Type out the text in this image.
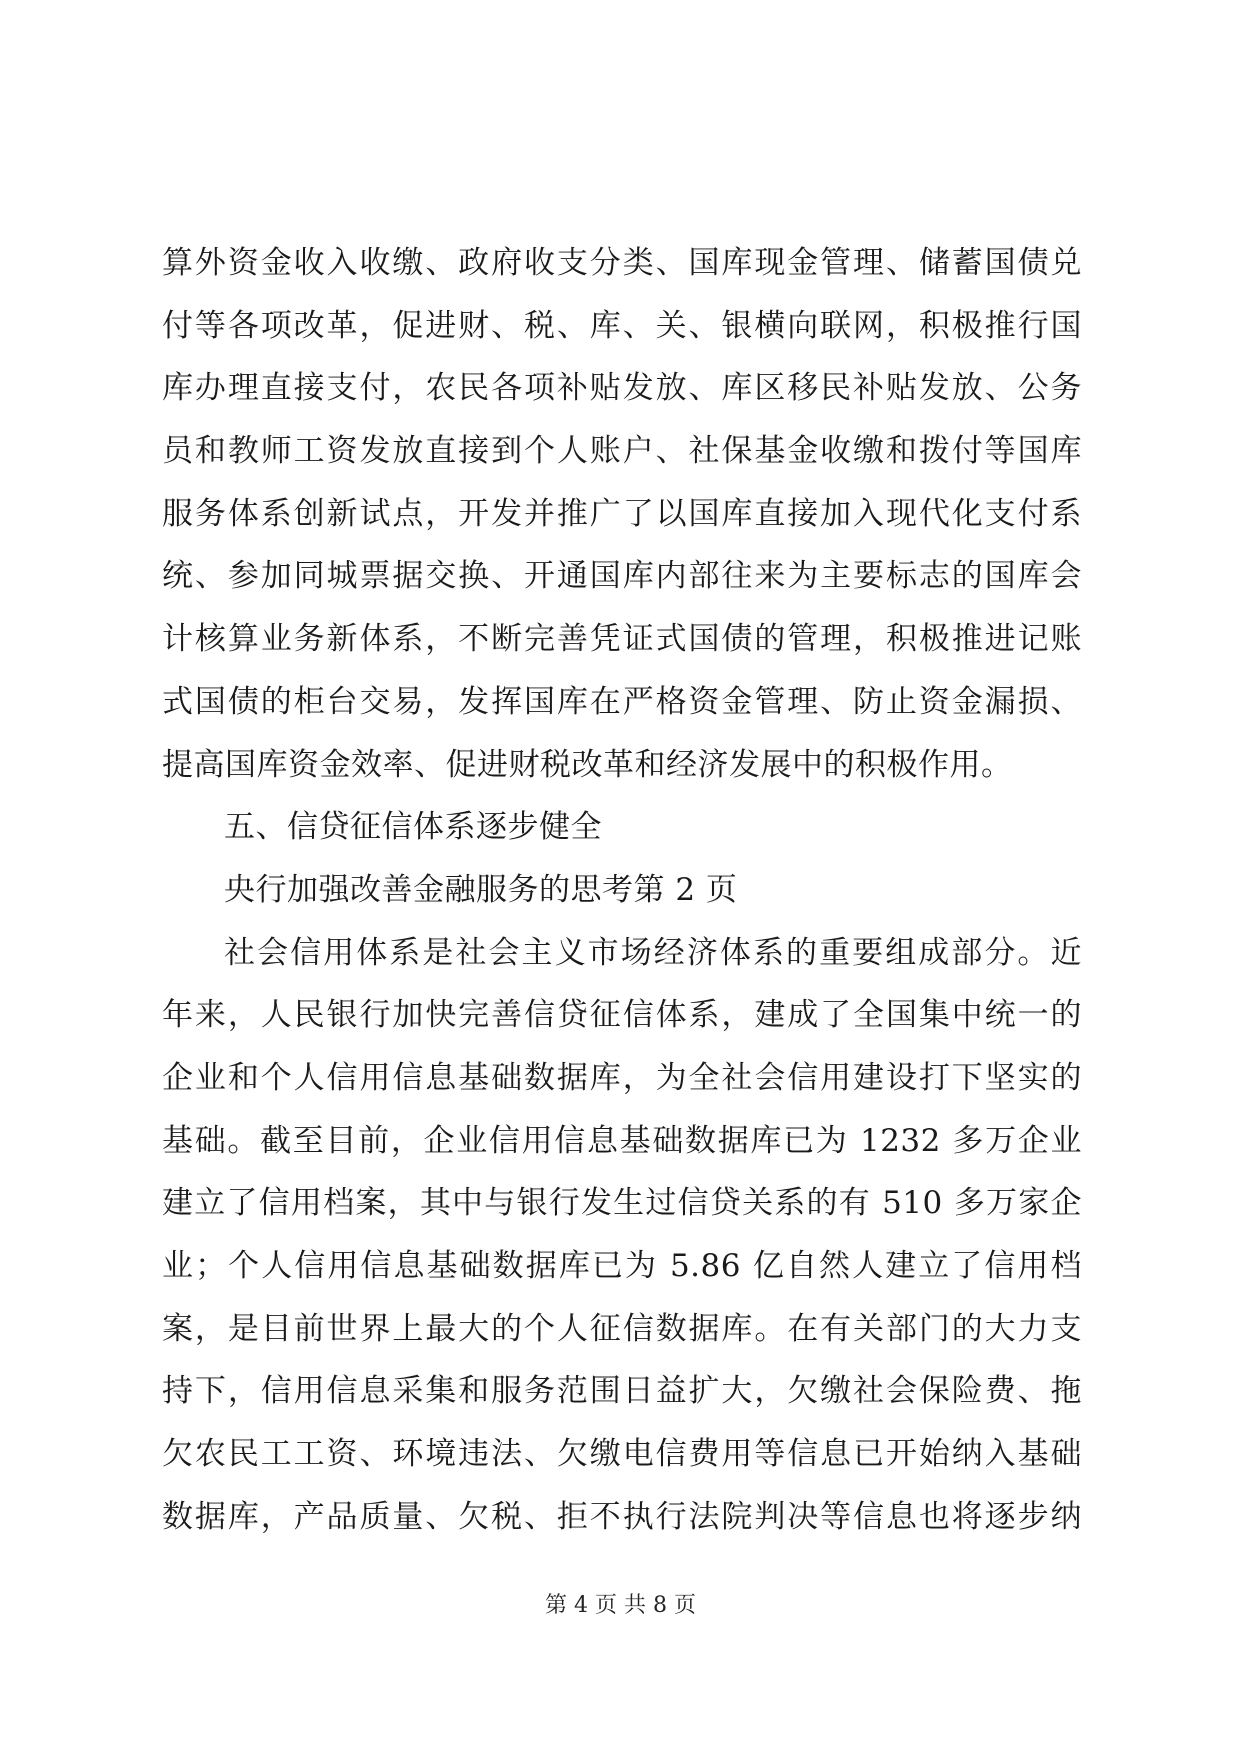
算外资金收入收缴、政府收支分类、国库现金管理、储蓄国债兑
付等各项改革，促进财、税、库、关、银横向联网，积极推行国
库办理直接支付，农民各项补贴发放、库区移民补贴发放、公务
员和教师工资发放直接到个人账户、社保基金收缴和拨付等国库
服务体系创新试点，开发并推广了以国库直接加入现代化支付系
统、参加同城票据交换、开通国库内部往来为主要标志的国库会
计核算业务新体系，不断完善凭证式国债的管理，积极推进记账
式国债的柜台交易，发挥国库在严格资金管理、防止资金漏损、
提高国库资金效率、促进财税改革和经济发展中的积极作用。
五、信贷征信体系逐步健全
央行加强改善金融服务的思考第 2 页
社会信用体系是社会主义市场经济体系的重要组成部分。近
年来，人民银行加快完善信贷征信体系，建成了全国集中统一的
企业和个人信用信息基础数据库，为全社会信用建设打下坚实的
基础。截至目前，企业信用信息基础数据库已为 1232 多万企业
建立了信用档案，其中与银行发生过信贷关系的有 510 多万家企
业；个人信用信息基础数据库已为 5.86 亿自然人建立了信用档
案，是目前世界上最大的个人征信数据库。在有关部门的大力支
持下，信用信息采集和服务范围日益扩大，欠缴社会保险费、拖
欠农民工工资、环境违法、欠缴电信费用等信息已开始纳入基础
数据库，产品质量、欠税、拒不执行法院判决等信息也将逐步纳
第 4 页 共 8 页
